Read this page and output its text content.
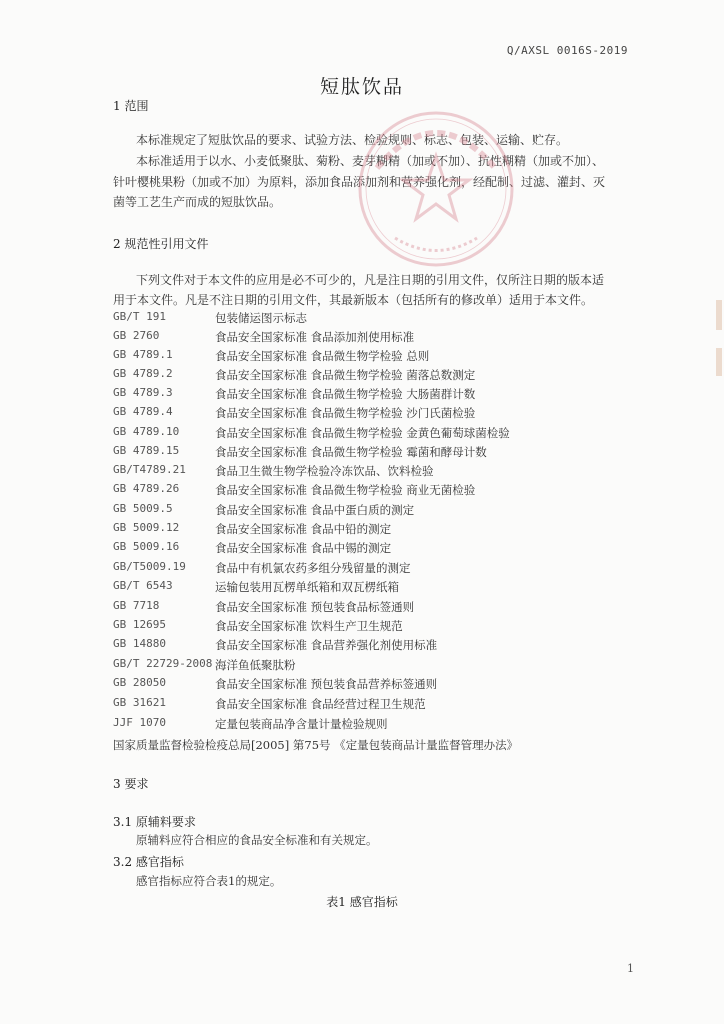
Q/AXSL 0016S-2019
短肽饮品
1 范围
本标准规定了短肽饮品的要求、试验方法、检验规则、标志、包装、运输、贮存。
本标准适用于以水、小麦低聚肽、菊粉、麦芽糊精（加或不加）、抗性糊精（加或不加）、
针叶樱桃果粉（加或不加）为原料，添加食品添加剂和营养强化剂，经配制、过滤、灌封、灭
菌等工艺生产而成的短肽饮品。
2 规范性引用文件
下列文件对于本文件的应用是必不可少的，凡是注日期的引用文件，仅所注日期的版本适
用于本文件。凡是不注日期的引用文件，其最新版本（包括所有的修改单）适用于本文件。
GB/T 191	包装储运图示标志
GB 2760	食品安全国家标准 食品添加剂使用标准
GB 4789.1	食品安全国家标准 食品微生物学检验 总则
GB 4789.2	食品安全国家标准 食品微生物学检验 菌落总数测定
GB 4789.3	食品安全国家标准 食品微生物学检验 大肠菌群计数
GB 4789.4	食品安全国家标准 食品微生物学检验 沙门氏菌检验
GB 4789.10	食品安全国家标准 食品微生物学检验 金黄色葡萄球菌检验
GB 4789.15	食品安全国家标准 食品微生物学检验 霉菌和酵母计数
GB/T4789.21	食品卫生微生物学检验冷冻饮品、饮料检验
GB 4789.26	食品安全国家标准 食品微生物学检验 商业无菌检验
GB 5009.5	食品安全国家标准 食品中蛋白质的测定
GB 5009.12	食品安全国家标准 食品中铅的测定
GB 5009.16	食品安全国家标准 食品中锡的测定
GB/T5009.19	食品中有机氯农药多组分残留量的测定
GB/T 6543	运输包装用瓦楞单纸箱和双瓦楞纸箱
GB 7718	食品安全国家标准 预包装食品标签通则
GB 12695	食品安全国家标准 饮料生产卫生规范
GB 14880	食品安全国家标准 食品营养强化剂使用标准
GB/T 22729-2008 海洋鱼低聚肽粉
GB 28050	食品安全国家标准 预包装食品营养标签通则
GB 31621	食品安全国家标准 食品经营过程卫生规范
JJF 1070	定量包装商品净含量计量检验规则
国家质量监督检验检疫总局[2005] 第75号 《定量包装商品计量监督管理办法》
3 要求
3.1 原辅料要求
原辅料应符合相应的食品安全标准和有关规定。
3.2 感官指标
感官指标应符合表1的规定。
表1 感官指标
1
